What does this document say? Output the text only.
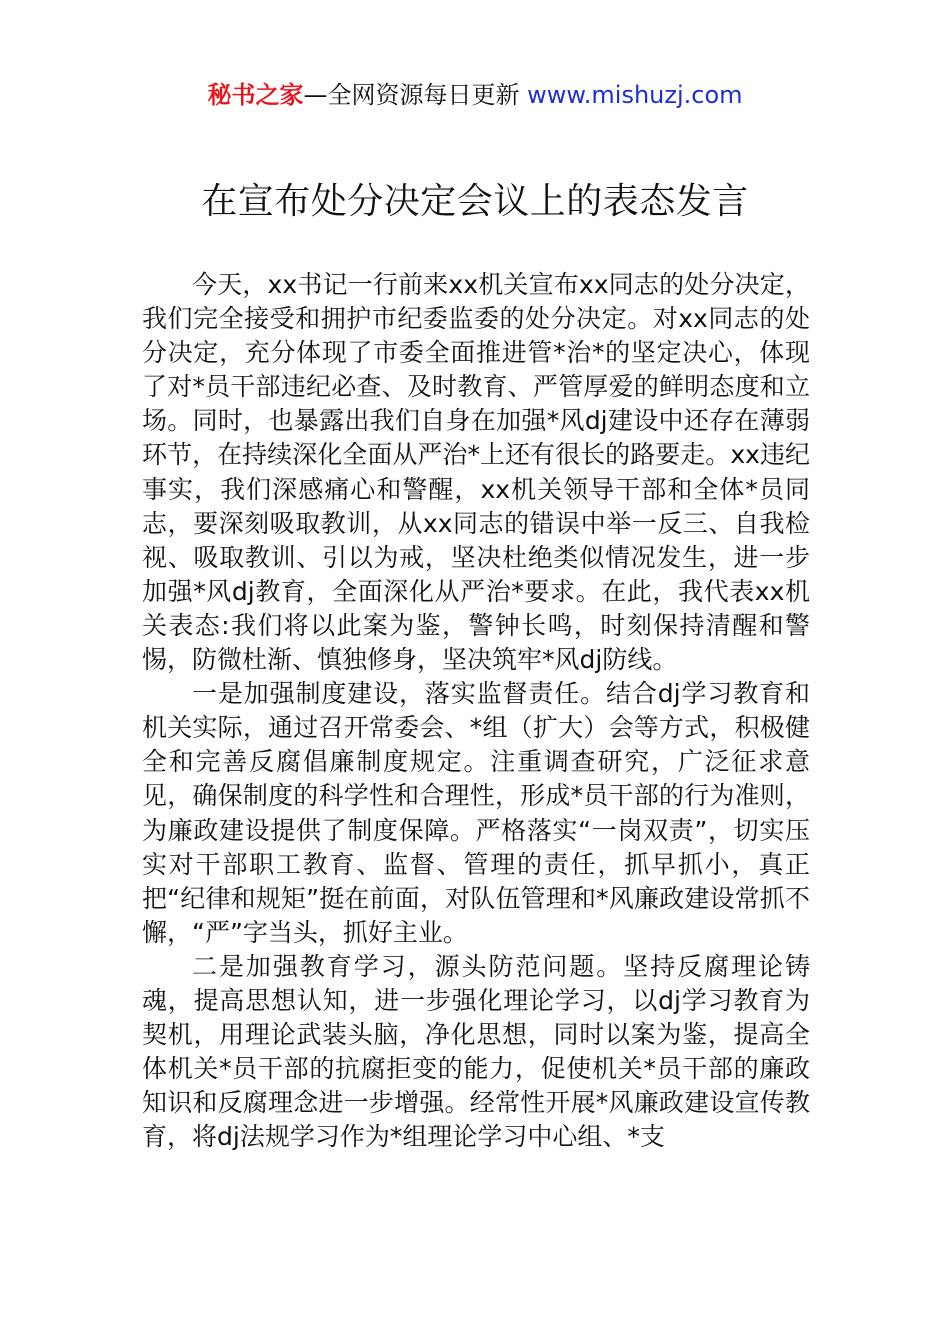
秘书之家—全网资源每日更新 www.mishuzj.com
在宣布处分决定会议上的表态发言

今天，xx书记一行前来xx机关宣布xx同志的处分决定，我们完全接受和拥护市纪委监委的处分决定。对xx同志的处分决定，充分体现了市委全面推进管*治*的坚定决心，体现了对*员干部违纪必查、及时教育、严管厚爱的鲜明态度和立场。同时，也暴露出我们自身在加强*风dj建设中还存在薄弱环节，在持续深化全面从严治*上还有很长的路要走。xx违纪事实，我们深感痛心和警醒，xx机关领导干部和全体*员同志，要深刻吸取教训，从xx同志的错误中举一反三、自我检视、吸取教训、引以为戒，坚决杜绝类似情况发生，进一步加强*风dj教育，全面深化从严治*要求。在此，我代表xx机关表态:我们将以此案为鉴，警钟长鸣，时刻保持清醒和警惕，防微杜渐、慎独修身，坚决筑牢*风dj防线。

一是加强制度建设，落实监督责任。结合dj学习教育和机关实际，通过召开常委会、*组（扩大）会等方式，积极健全和完善反腐倡廉制度规定。注重调查研究，广泛征求意见，确保制度的科学性和合理性，形成*员干部的行为准则，为廉政建设提供了制度保障。严格落实“一岗双责”，切实压实对干部职工教育、监督、管理的责任，抓早抓小，真正把“纪律和规矩”挺在前面，对队伍管理和*风廉政建设常抓不懈，“严”字当头，抓好主业。

二是加强教育学习，源头防范问题。坚持反腐理论铸魂，提高思想认知，进一步强化理论学习，以dj学习教育为契机，用理论武装头脑，净化思想，同时以案为鉴，提高全体机关*员干部的抗腐拒变的能力，促使机关*员干部的廉政知识和反腐理念进一步增强。经常性开展*风廉政建设宣传教育，将dj法规学习作为*组理论学习中心组、*支
